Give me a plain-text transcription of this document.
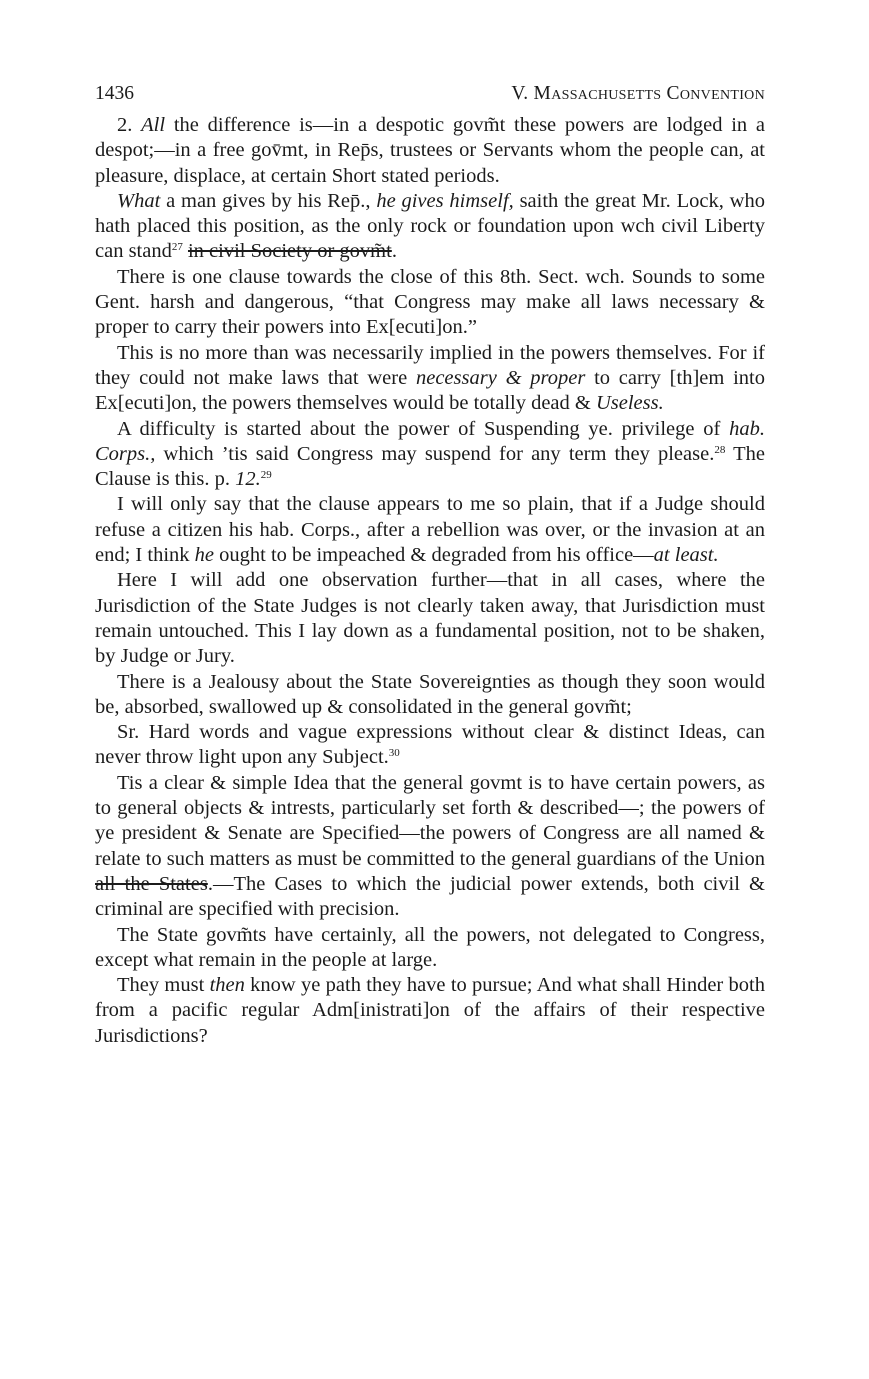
1436	V. Massachusetts Convention

2. All the difference is—in a despotic govm̃t these powers are lodged in a despot;—in a free gov̄mt, in Rep̄s, trustees or Servants whom the people can, at pleasure, displace, at certain Short stated periods.

What a man gives by his Rep̄., he gives himself, saith the great Mr. Lock, who hath placed this position, as the only rock or foundation upon wch civil Liberty can stand$^{27}$ in civil Society or govm̃t.

There is one clause towards the close of this 8th. Sect. wch. Sounds to some Gent. harsh and dangerous, “that Congress may make all laws necessary & proper to carry their powers into Ex[ecuti]on.”

This is no more than was necessarily implied in the powers themselves. For if they could not make laws that were necessary & proper to carry [th]em into Ex[ecuti]on, the powers themselves would be totally dead & Useless.

A difficulty is started about the power of Suspending ye. privilege of hab. Corps., which ’tis said Congress may suspend for any term they please.$^{28}$ The Clause is this. p. 12.29

I will only say that the clause appears to me so plain, that if a Judge should refuse a citizen his hab. Corps., after a rebellion was over, or the invasion at an end; I think he ought to be impeached & degraded from his office—at least.

Here I will add one observation further—that in all cases, where the Jurisdiction of the State Judges is not clearly taken away, that Jurisdiction must remain untouched. This I lay down as a fundamental position, not to be shaken, by Judge or Jury.

There is a Jealousy about the State Sovereignties as though they soon would be, absorbed, swallowed up & consolidated in the general govm̃t;

Sr. Hard words and vague expressions without clear & distinct Ideas, can never throw light upon any Subject.$^{30}$

Tis a clear & simple Idea that the general govmt is to have certain powers, as to general objects & intrests, particularly set forth & described—; the powers of ye president & Senate are Specified—the powers of Congress are all named & relate to such matters as must be committed to the general guardians of the Union all the States.—The Cases to which the judicial power extends, both civil & criminal are specified with precision.

The State govm̃ts have certainly, all the powers, not delegated to Congress, except what remain in the people at large.

They must then know ye path they have to pursue; And what shall Hinder both from a pacific regular Adm[inistrati]on of the affairs of their respective Jurisdictions?
